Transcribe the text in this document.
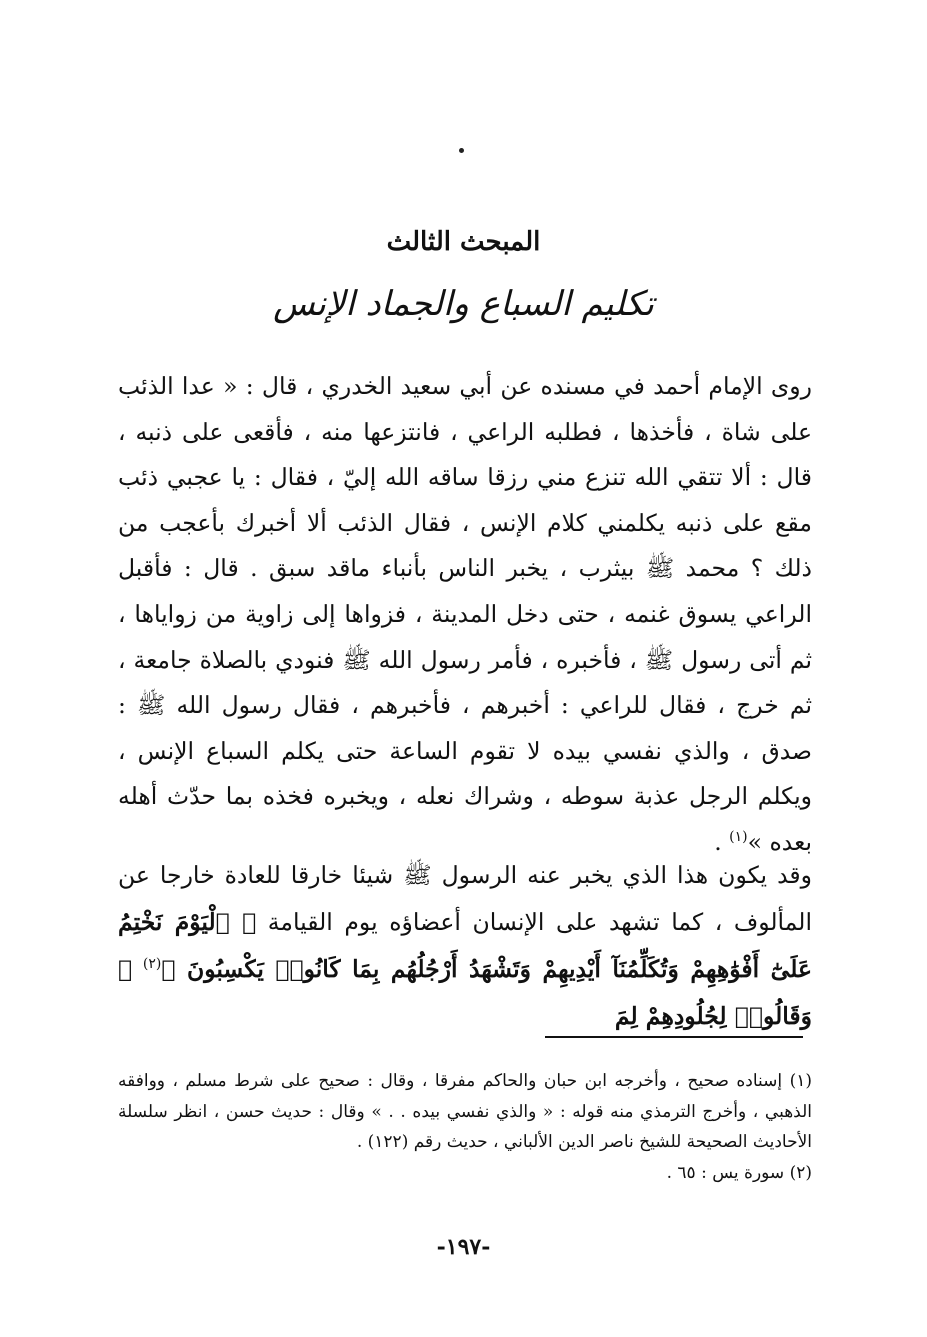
المبحث الثالث
تكليم السباع والجماد الإنس

روى الإمام أحمد في مسنده عن أبي سعيد الخدري ، قال : « عدا الذئب على شاة ، فأخذها ، فطلبه الراعي ، فانتزعها منه ، فأقعى على ذنبه ، قال : ألا تتقي الله تنزع مني رزقا ساقه الله إليّ ، فقال : يا عجبي ذئب مقع على ذنبه يكلمني كلام الإنس ، فقال الذئب ألا أخبرك بأعجب من ذلك ؟ محمد ﷺ بيثرب ، يخبر الناس بأنباء ماقد سبق . قال : فأقبل الراعي يسوق غنمه ، حتى دخل المدينة ، فزواها إلى زاوية من زواياها ، ثم أتى رسول ﷺ ، فأخبره ، فأمر رسول الله ﷺ فنودي بالصلاة جامعة ، ثم خرج ، فقال للراعي : أخبرهم ، فأخبرهم ، فقال رسول الله ﷺ : صدق ، والذي نفسي بيده لا تقوم الساعة حتى يكلم السباع الإنس ، ويكلم الرجل عذبة سوطه ، وشراك نعله ، ويخبره فخذه بما حدّث أهله بعده »$^{(١)}$ .

وقد يكون هذا الذي يخبر عنه الرسول ﷺ شيئا خارقا للعادة خارجا عن المألوف ، كما تشهد على الإنسان أعضاؤه يوم القيامة ﴿ ٱلْيَوْمَ نَخْتِمُ عَلَىٰٓ أَفْوَٰهِهِمْ وَتُكَلِّمُنَآ أَيْدِيهِمْ وَتَشْهَدُ أَرْجُلُهُم بِمَا كَانُوا۟ يَكْسِبُونَ ﴾$^{(٢)}$ ﴿ وَقَالُوا۟ لِجُلُودِهِمْ لِمَ

(١) إسناده صحيح ، وأخرجه ابن حبان والحاكم مفرقا ، وقال : صحيح على شرط مسلم ، ووافقه الذهبي ، وأخرج الترمذي منه قوله : « والذي نفسي بيده . . » وقال : حديث حسن ، انظر سلسلة الأحاديث الصحيحة للشيخ ناصر الدين الألباني ، حديث رقم (١٢٢) .

(٢) سورة يس : ٦٥ .

-١٩٧-
